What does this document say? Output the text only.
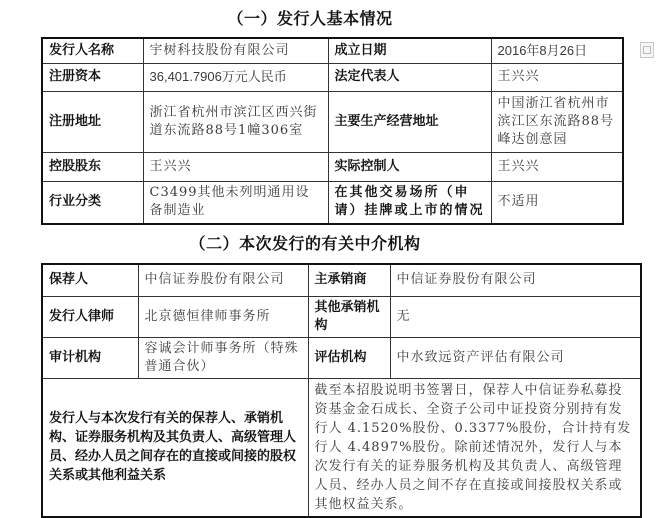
（一）发行人基本情况
发行人名称	宇树科技股份有限公司	成立日期	2016年8月26日
注册资本	36,401.7906万元人民币	法定代表人	王兴兴
注册地址	浙江省杭州市滨江区西兴街道东流路88号1幢306室	主要生产经营地址	中国浙江省杭州市滨江区东流路88号峰达创意园
控股股东	王兴兴	实际控制人	王兴兴
行业分类	C3499其他未列明通用设备制造业	在其他交易场所（申请）挂牌或上市的情况	不适用
（二）本次发行的有关中介机构
保荐人	中信证券股份有限公司	主承销商	中信证券股份有限公司
发行人律师	北京德恒律师事务所	其他承销机构	无
审计机构	容诚会计师事务所（特殊普通合伙）	评估机构	中水致远资产评估有限公司
发行人与本次发行有关的保荐人、承销机构、证券服务机构及其负责人、高级管理人员、经办人员之间存在的直接或间接的股权关系或其他利益关系		截至本招股说明书签署日，保荐人中信证券私募投资基金金石成长、全资子公司中证投资分别持有发行人 4.1520%股份、0.3377%股份，合计持有发行人 4.4897%股份。除前述情况外，发行人与本次发行有关的证券服务机构及其负责人、高级管理人员、经办人员之间不存在直接或间接股权关系或其他权益关系。	
